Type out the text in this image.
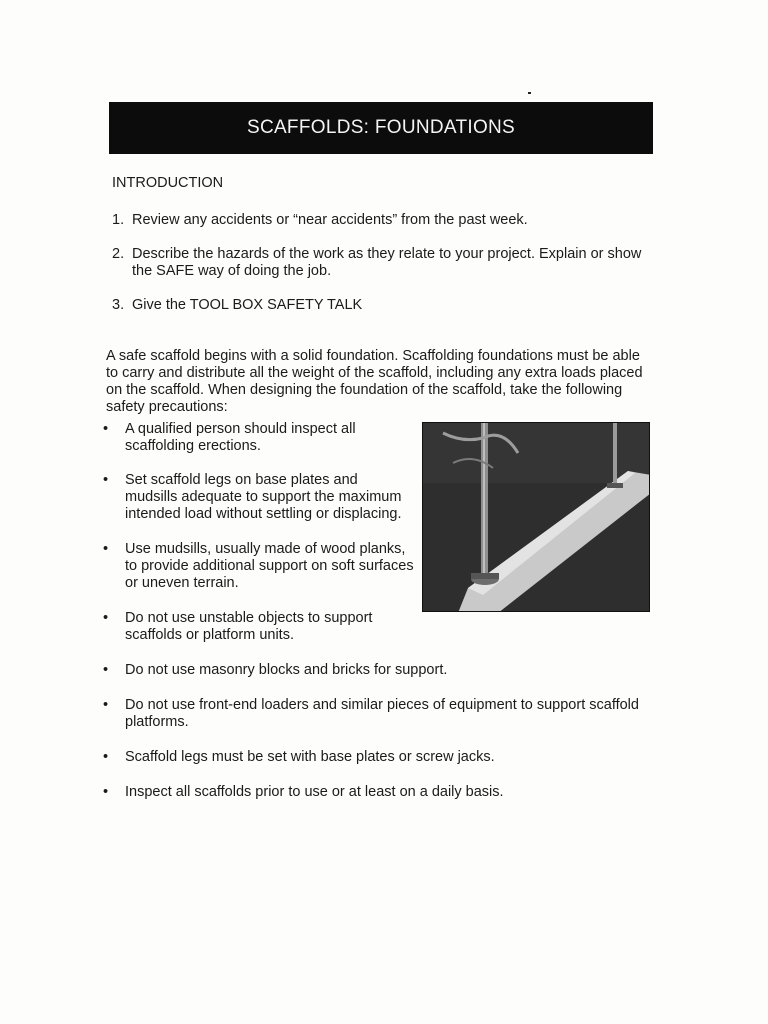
SCAFFOLDS: FOUNDATIONS
INTRODUCTION
1. Review any accidents or “near accidents” from the past week.
2. Describe the hazards of the work as they relate to your project. Explain or show the SAFE way of doing the job.
3. Give the TOOL BOX SAFETY TALK

A safe scaffold begins with a solid foundation. Scaffolding foundations must be able to carry and distribute all the weight of the scaffold, including any extra loads placed on the scaffold. When designing the foundation of the scaffold, take the following safety precautions:

•	A qualified person should inspect all scaffolding erections.
•	Set scaffold legs on base plates and mudsills adequate to support the maximum intended load without settling or displacing.
•	Use mudsills, usually made of wood planks, to provide additional support on soft surfaces or uneven terrain.
•	Do not use unstable objects to support scaffolds or platform units.
•	Do not use masonry blocks and bricks for support.
•	Do not use front-end loaders and similar pieces of equipment to support scaffold platforms.
•	Scaffold legs must be set with base plates or screw jacks.
•	Inspect all scaffolds prior to use or at least on a daily basis.
